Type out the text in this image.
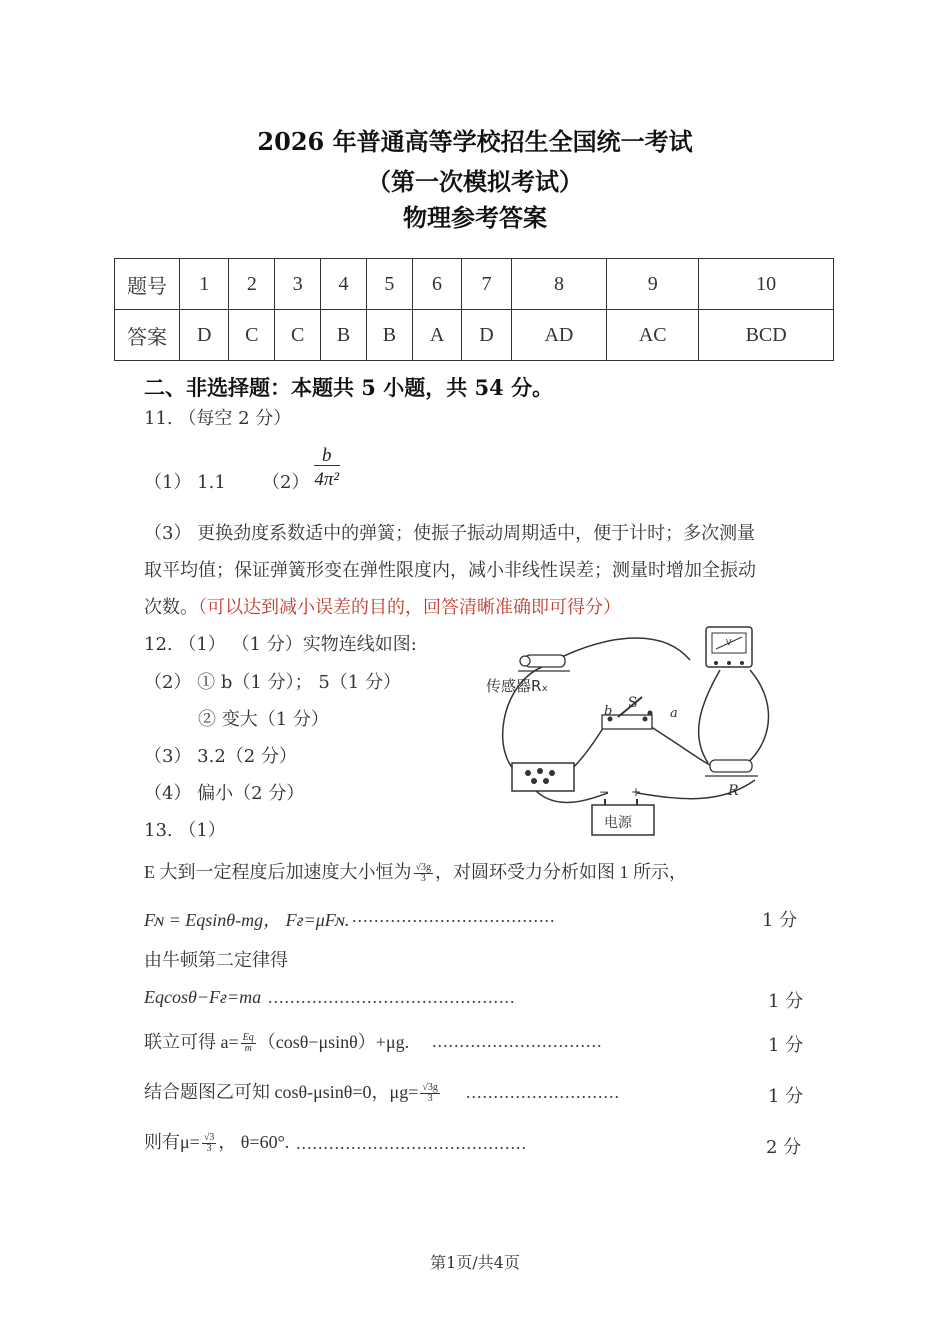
2026 年普通高等学校招生全国统一考试
（第一次模拟考试）
物理参考答案
题号	1	2	3	4	5	6	7	8	9	10
答案	D	C	C	B	B	A	D	AD	AC	BCD
二、非选择题：本题共 5 小题，共 54 分。
11. （每空 2 分）
（1） 1.1 $(2) \frac{b}{\text{4π²}}$
（3） 更换劲度系数适中的弹簧；使振子振动周期适中，便于计时；多次测量
取平均值；保证弹簧形变在弹性限度内，减小非线性误差；测量时增加全振动
次数。（可以达到减小误差的目的，回答清晰准确即可得分）
12. （1） （1 分）实物连线如图:
（2） ① b（1 分）； 5（1 分）
② 变大（1 分）
（3） 3.2（2 分）
（4） 偏小（2 分）
传感器Rₓ
V
S
b	a
R
− +
电源
13. （1）
E 大到一定程度后加速度大小恒为 $\frac{√3g}{3}$ ，对圆环受力分析如图 1 所示，
Fɴ = Eqsinθ-mg， Fғ=μFɴ. .....................................	1 分
由牛顿第二定律得
Eqcosθ−Fғ=ma .............................................	1 分
联立可得 $a= \frac{Eq}{m} (\cos\theta-\mu\sin\theta)+\mu g$. ...............................	1 分
结合题图乙可知 cosθ-μsinθ=0，$\mu g= \frac{√3g}{3}$ ............................	1 分
则有$\mu= \frac{√3}{3}$ ， θ=60°. ..........................................	2 分
第1页/共4页
